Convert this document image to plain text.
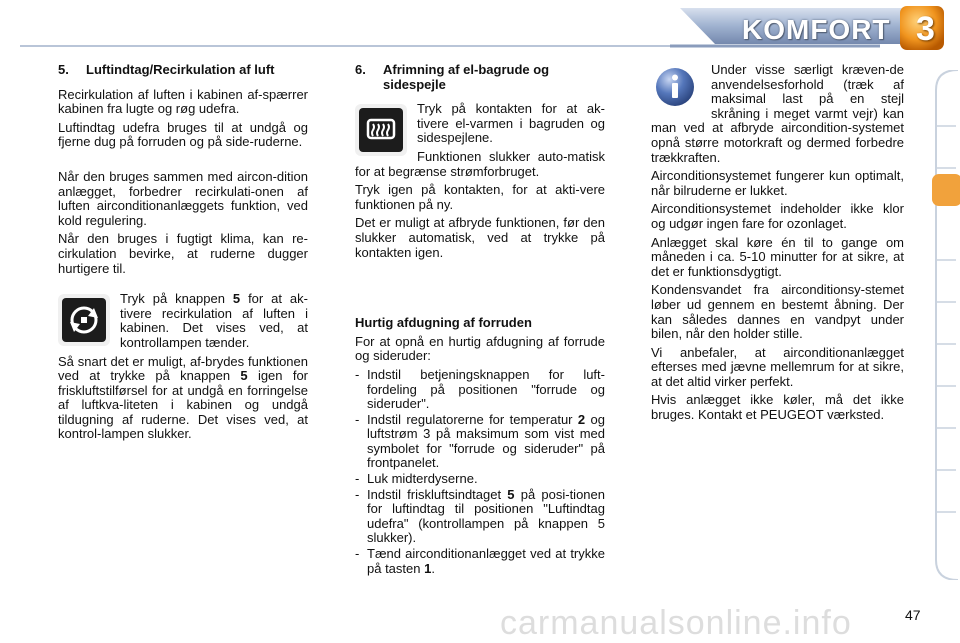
KOMFORT 3
5.	Luftindtag/Recirkulation af luft

Recirkulation af luften i kabinen af-spærrer kabinen fra lugte og røg udefra.

Luftindtag udefra bruges til at undgå og fjerne dug på forruden og på side-ruderne.

Når den bruges sammen med aircon-dition anlægget, forbedrer recirkulati-onen af luften airconditionanlæggets funktion, ved kold regulering.

Når den bruges i fugtigt klima, kan re-cirkulation bevirke, at ruderne dugger hurtigere til.

Tryk på knappen 5 for at ak-tivere recirkulation af luften i kabinen. Det vises ved, at kontrollampen tænder.

Så snart det er muligt, af-brydes funktionen ved at trykke på knappen 5 igen for friskluftstilførsel for at undgå en forringelse af luftkva-liteten i kabinen og undgå tildugning af ruderne. Det vises ved, at kontrol-lampen slukker.

6.	Afrimning af el-bagrude og sidespejle

Tryk på kontakten for at ak-tivere el-varmen i bagruden og sidespejlene.

Funktionen slukker auto-matisk for at begrænse strømforbruget.

Tryk igen på kontakten, for at akti-vere funktionen på ny.

Det er muligt at afbryde funktionen, før den slukker automatisk, ved at trykke på kontakten igen.

Hurtig afdugning af forruden

For at opnå en hurtig afdugning af forrude og sideruder:

- Indstil betjeningsknappen for luft-fordeling på positionen "forrude og sideruder".
- Indstil regulatorerne for temperatur 2 og luftstrøm 3 på maksimum som vist med symbolet for "forrude og sideruder" på frontpanelet.
- Luk midterdyserne.
- Indstil friskluftsindtaget 5 på posi-tionen for luftindtag til positionen "Luftindtag udefra" (kontrollampen på knappen 5 slukker).
- Tænd airconditionanlægget ved at trykke på tasten 1.

Under visse særligt kræven-de anvendelsesforhold (træk af maksimal last på en stejl skråning i meget varmt vejr) kan man ved at afbryde aircondition-systemet opnå større motorkraft og dermed forbedre trækkraften.

Airconditionsystemet fungerer kun optimalt, når bilruderne er lukket.

Airconditionsystemet indeholder ikke klor og udgør ingen fare for ozonlaget.

Anlægget skal køre én til to gange om måneden i ca. 5-10 minutter for at sikre, at det er funktionsdygtigt.

Kondensvandet fra airconditionsy-stemet løber ud gennem en bestemt åbning. Der kan således dannes en vandpyt under bilen, når den holder stille.

Vi anbefaler, at airconditionanlægget efterses med jævne mellemrum for at sikre, at det altid virker perfekt.

Hvis anlægget ikke køler, må det ikke bruges. Kontakt et PEUGEOT værksted.

carmanualsonline.info	47
